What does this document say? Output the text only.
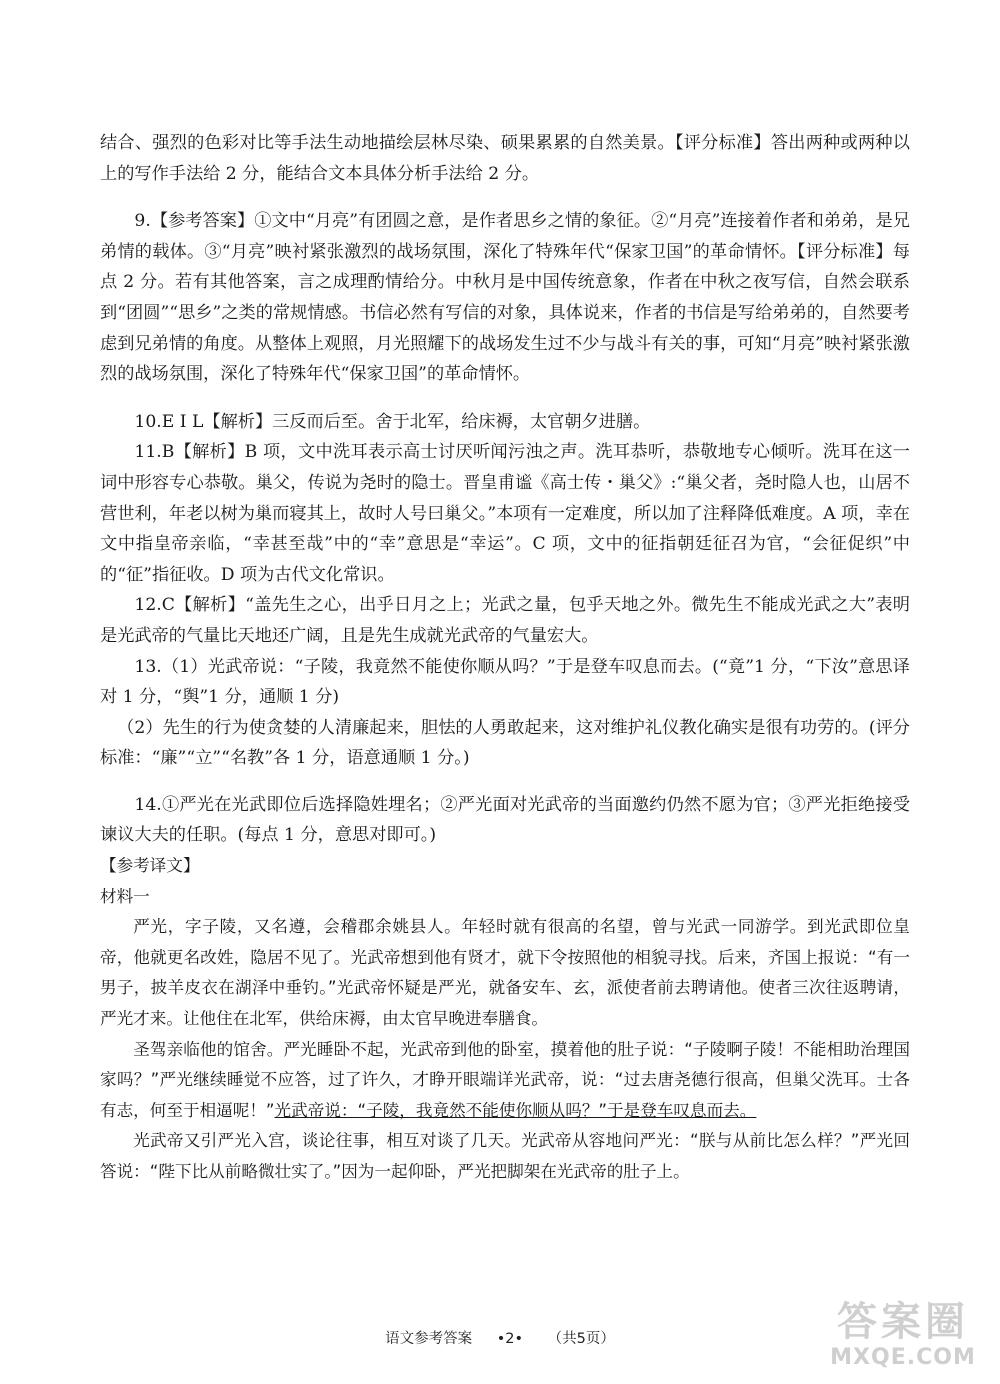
结合、强烈的色彩对比等手法生动地描绘层林尽染、硕果累累的自然美景。【评分标准】答出两种或两种以上的写作手法给 2 分，能结合文本具体分析手法给 2 分。

9.【参考答案】①文中“月亮”有团圆之意，是作者思乡之情的象征。②“月亮”连接着作者和弟弟，是兄弟情的载体。③“月亮”映衬紧张激烈的战场氛围，深化了特殊年代“保家卫国”的革命情怀。【评分标准】每点 2 分。若有其他答案，言之成理酌情给分。中秋月是中国传统意象，作者在中秋之夜写信，自然会联系到“团圆”“思乡”之类的常规情感。书信必然有写信的对象，具体说来，作者的书信是写给弟弟的，自然要考虑到兄弟情的角度。从整体上观照，月光照耀下的战场发生过不少与战斗有关的事，可知“月亮”映衬紧张激烈的战场氛围，深化了特殊年代“保家卫国”的革命情怀。

10.E I L【解析】三反而后至。舍于北军，给床褥，太官朝夕进膳。

11.B【解析】B 项，文中洗耳表示高士讨厌听闻污浊之声。洗耳恭听，恭敬地专心倾听。洗耳在这一词中形容专心恭敬。巢父，传说为尧时的隐士。晋皇甫谧《高士传・巢父》:“巢父者，尧时隐人也，山居不营世利，年老以树为巢而寝其上，故时人号曰巢父。”本项有一定难度，所以加了注释降低难度。A 项，幸在文中指皇帝亲临，“幸甚至哉”中的“幸”意思是“幸运”。C 项，文中的征指朝廷征召为官，“会征促织”中的“征”指征收。D 项为古代文化常识。

12.C【解析】“盖先生之心，出乎日月之上；光武之量，包乎天地之外。微先生不能成光武之大”表明是光武帝的气量比天地还广阔，且是先生成就光武帝的气量宏大。

13.（1）光武帝说：“子陵，我竟然不能使你顺从吗？”于是登车叹息而去。(“竟”1 分，“下汝”意思译对 1 分，“舆”1 分，通顺 1 分)

（2）先生的行为使贪婪的人清廉起来，胆怯的人勇敢起来，这对维护礼仪教化确实是很有功劳的。(评分标准：“廉”“立”“名教”各 1 分，语意通顺 1 分。)

14.①严光在光武即位后选择隐姓埋名；②严光面对光武帝的当面邀约仍然不愿为官；③严光拒绝接受谏议大夫的任职。(每点 1 分，意思对即可。)

【参考译文】
材料一

严光，字子陵，又名遵，会稽郡余姚县人。年轻时就有很高的名望，曾与光武一同游学。到光武即位皇帝，他就更名改姓，隐居不见了。光武帝想到他有贤才，就下令按照他的相貌寻找。后来，齐国上报说：“有一男子，披羊皮衣在湖泽中垂钓。”光武帝怀疑是严光，就备安车、玄，派使者前去聘请他。使者三次往返聘请，严光才来。让他住在北军，供给床褥，由太官早晚进奉膳食。

圣驾亲临他的馆舍。严光睡卧不起，光武帝到他的卧室，摸着他的肚子说：“子陵啊子陵！不能相助治理国家吗？”严光继续睡觉不应答，过了许久，才睁开眼端详光武帝，说：“过去唐尧德行很高，但巢父洗耳。士各有志，何至于相逼呢！”光武帝说：“子陵，我竟然不能使你顺从吗？”于是登车叹息而去。

光武帝又引严光入宫，谈论往事，相互对谈了几天。光武帝从容地问严光：“朕与从前比怎么样？”严光回答说：“陛下比从前略微壮实了。”因为一起仰卧，严光把脚架在光武帝的肚子上。

语文参考答案 •2• （共5页）	答案圈
MXQE.COM
